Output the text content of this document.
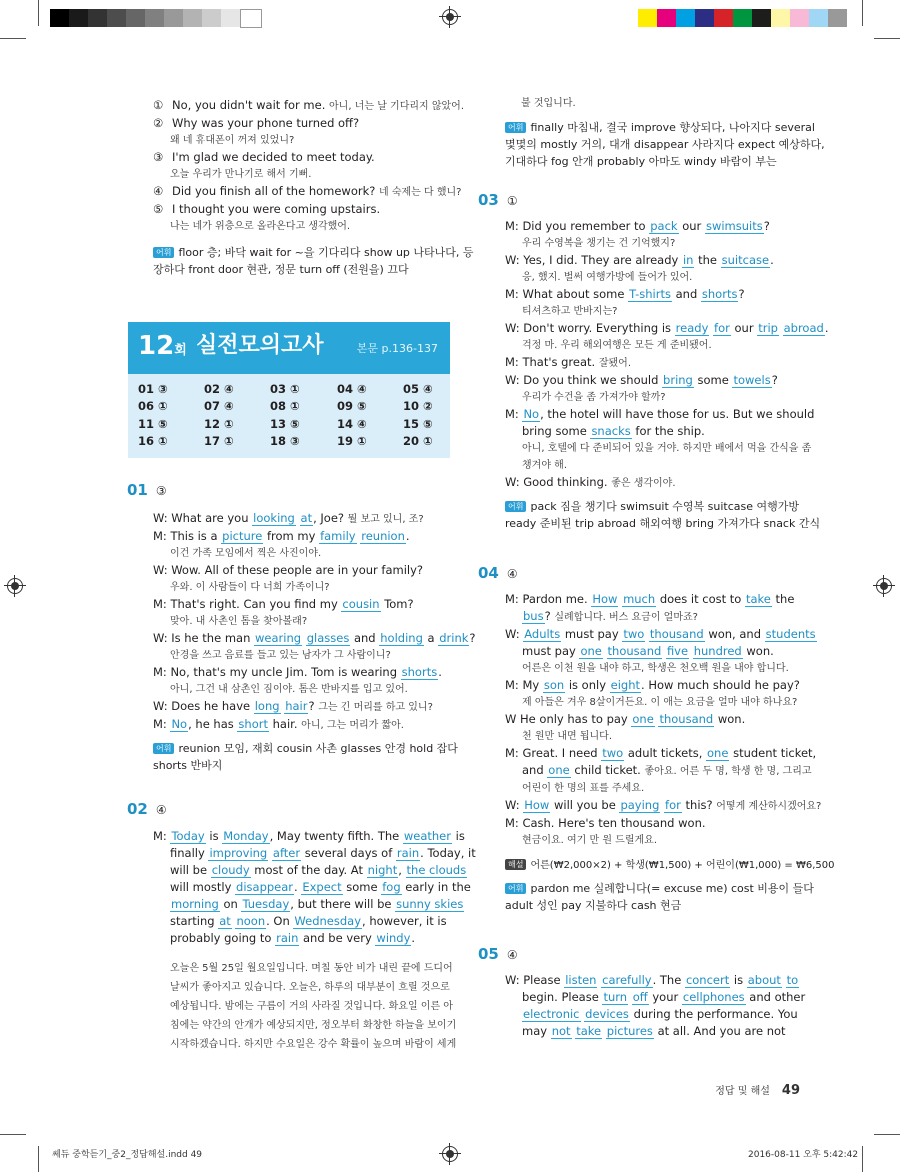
① No, you didn't wait for me. 아니, 너는 날 기다리지 않았어.
② Why was your phone turned off?
왜 네 휴대폰이 꺼져 있었니?
③ I'm glad we decided to meet today.
오늘 우리가 만나기로 해서 기뻐.
④ Did you finish all of the homework? 네 숙제는 다 했니?
⑤ I thought you were coming upstairs.
나는 네가 위층으로 올라온다고 생각했어.
어휘 floor 층; 바닥 wait for ~을 기다리다 show up 나타나다, 등
장하다 front door 현관, 정문 turn off (전원을) 끄다
12회 실전모의고사	본문 p.136-137
01 ③	02 ④	03 ①	04 ④	05 ④
06 ①	07 ④	08 ①	09 ⑤	10 ②
11 ⑤	12 ①	13 ⑤	14 ④	15 ⑤
16 ①	17 ①	18 ③	19 ①	20 ①
01 ③
W: What are you looking at, Joe? 뭘 보고 있니, 조?
M: This is a picture from my family reunion.
이건 가족 모임에서 찍은 사진이야.
W: Wow. All of these people are in your family?
우와. 이 사람들이 다 너희 가족이니?
M: That's right. Can you find my cousin Tom?
맞아. 내 사촌인 톰을 찾아볼래?
W: Is he the man wearing glasses and holding a drink?
안경을 쓰고 음료를 들고 있는 남자가 그 사람이니?
M: No, that's my uncle Jim. Tom is wearing shorts.
아니, 그건 내 삼촌인 짐이야. 톰은 반바지를 입고 있어.
W: Does he have long hair? 그는 긴 머리를 하고 있니?
M: No, he has short hair. 아니, 그는 머리가 짧아.
어휘 reunion 모임, 재회 cousin 사촌 glasses 안경 hold 잡다
shorts 반바지
02 ④
M: Today is Monday, May twenty fifth. The weather is
finally improving after several days of rain. Today, it
will be cloudy most of the day. At night, the clouds
will mostly disappear. Expect some fog early in the
morning on Tuesday, but there will be sunny skies
starting at noon. On Wednesday, however, it is
probably going to rain and be very windy.
오늘은 5월 25일 월요일입니다. 며칠 동안 비가 내린 끝에 드디어
날씨가 좋아지고 있습니다. 오늘은, 하루의 대부분이 흐릴 것으로
예상됩니다. 밤에는 구름이 거의 사라질 것입니다. 화요일 이른 아
침에는 약간의 안개가 예상되지만, 정오부터 화창한 하늘을 보이기
시작하겠습니다. 하지만 수요일은 강수 확률이 높으며 바람이 세게
불 것입니다.
어휘 finally 마침내, 결국 improve 향상되다, 나아지다 several
몇몇의 mostly 거의, 대개 disappear 사라지다 expect 예상하다,
기대하다 fog 안개 probably 아마도 windy 바람이 부는
03 ①
M: Did you remember to pack our swimsuits?
우리 수영복을 챙기는 건 기억했지?
W: Yes, I did. They are already in the suitcase.
응, 했지. 벌써 여행가방에 들어가 있어.
M: What about some T-shirts and shorts?
티셔츠하고 반바지는?
W: Don't worry. Everything is ready for our trip abroad.
걱정 마. 우리 해외여행은 모든 게 준비됐어.
M: That's great. 잘됐어.
W: Do you think we should bring some towels?
우리가 수건을 좀 가져가야 할까?
M: No, the hotel will have those for us. But we should
bring some snacks for the ship.
아니, 호텔에 다 준비되어 있을 거야. 하지만 배에서 먹을 간식을 좀
챙겨야 해.
W: Good thinking. 좋은 생각이야.
어휘 pack 짐을 챙기다 swimsuit 수영복 suitcase 여행가방
ready 준비된 trip abroad 해외여행 bring 가져가다 snack 간식
04 ④
M: Pardon me. How much does it cost to take the
bus? 실례합니다. 버스 요금이 얼마죠?
W: Adults must pay two thousand won, and students
must pay one thousand five hundred won.
어른은 이천 원을 내야 하고, 학생은 천오백 원을 내야 합니다.
M: My son is only eight. How much should he pay?
제 아들은 겨우 8살이거든요. 이 애는 요금을 얼마 내야 하나요?
W He only has to pay one thousand won.
천 원만 내면 됩니다.
M: Great. I need two adult tickets, one student ticket,
and one child ticket. 좋아요. 어른 두 명, 학생 한 명, 그리고
어린이 한 명의 표를 주세요.
W: How will you be paying for this? 어떻게 계산하시겠어요?
M: Cash. Here's ten thousand won.
현금이요. 여기 만 원 드릴게요.
해설 어른(₩2,000×2) + 학생(₩1,500) + 어린이(₩1,000) = ₩6,500
어휘 pardon me 실례합니다(= excuse me) cost 비용이 들다
adult 성인 pay 지불하다 cash 현금
05 ④
W: Please listen carefully. The concert is about to
begin. Please turn off your cellphones and other
electronic devices during the performance. You
may not take pictures at all. And you are not
정답 및 해설 49
쎄듀 중학듣기_중2_정답해설.indd 49	2016-08-11 오후 5:42:42
